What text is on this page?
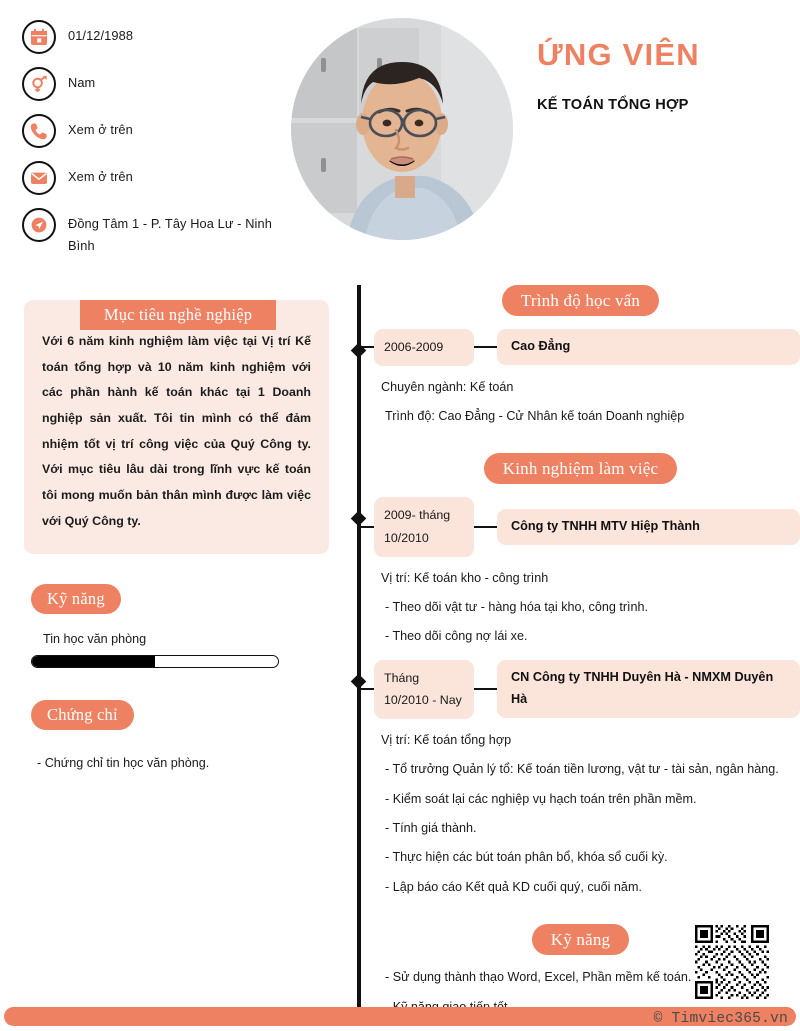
01/12/1988
Nam
Xem ở trên
Xem ở trên
Đồng Tâm 1 - P. Tây Hoa Lư - Ninh Bình
ỨNG VIÊN
KẾ TOÁN TỔNG HỢP
Mục tiêu nghề nghiệp
Với 6 năm kinh nghiệm làm việc tại Vị trí Kế toán tổng hợp và 10 năm kinh nghiệm với các phần hành kế toán khác tại 1 Doanh nghiệp sản xuất. Tôi tin mình có thể đảm nhiệm tốt vị trí công việc của Quý Công ty. Với mục tiêu lâu dài trong lĩnh vực kế toán tôi mong muốn bản thân mình được làm việc với Quý Công ty.
Kỹ năng
Tin học văn phòng
Chứng chỉ
- Chứng chỉ tin học văn phòng.
Trình độ học vấn
2006-2009	Cao Đẳng
Chuyên ngành: Kế toán
Trình độ: Cao Đẳng - Cử Nhân kế toán Doanh nghiệp
Kinh nghiệm làm việc
2009- tháng 10/2010
Công ty TNHH MTV Hiệp Thành
Vị trí: Kế toán kho - công trình
- Theo dõi vật tư - hàng hóa tại kho, công trình.
- Theo dõi công nợ lái xe.
Tháng 10/2010 - Nay
CN Công ty TNHH Duyên Hà - NMXM Duyên Hà
Vị trí: Kế toán tổng hợp
- Tổ trưởng Quản lý tổ: Kế toán tiền lương, vật tư - tài sản, ngân hàng.
- Kiểm soát lại các nghiệp vụ hạch toán trên phần mềm.
- Tính giá thành.
- Thực hiện các bút toán phân bổ, khóa sổ cuối kỳ.
- Lập báo cáo Kết quả KD cuối quý, cuối năm.
Kỹ năng
- Sử dụng thành thạo Word, Excel, Phần mềm kế toán.
© Timviec365.vn
